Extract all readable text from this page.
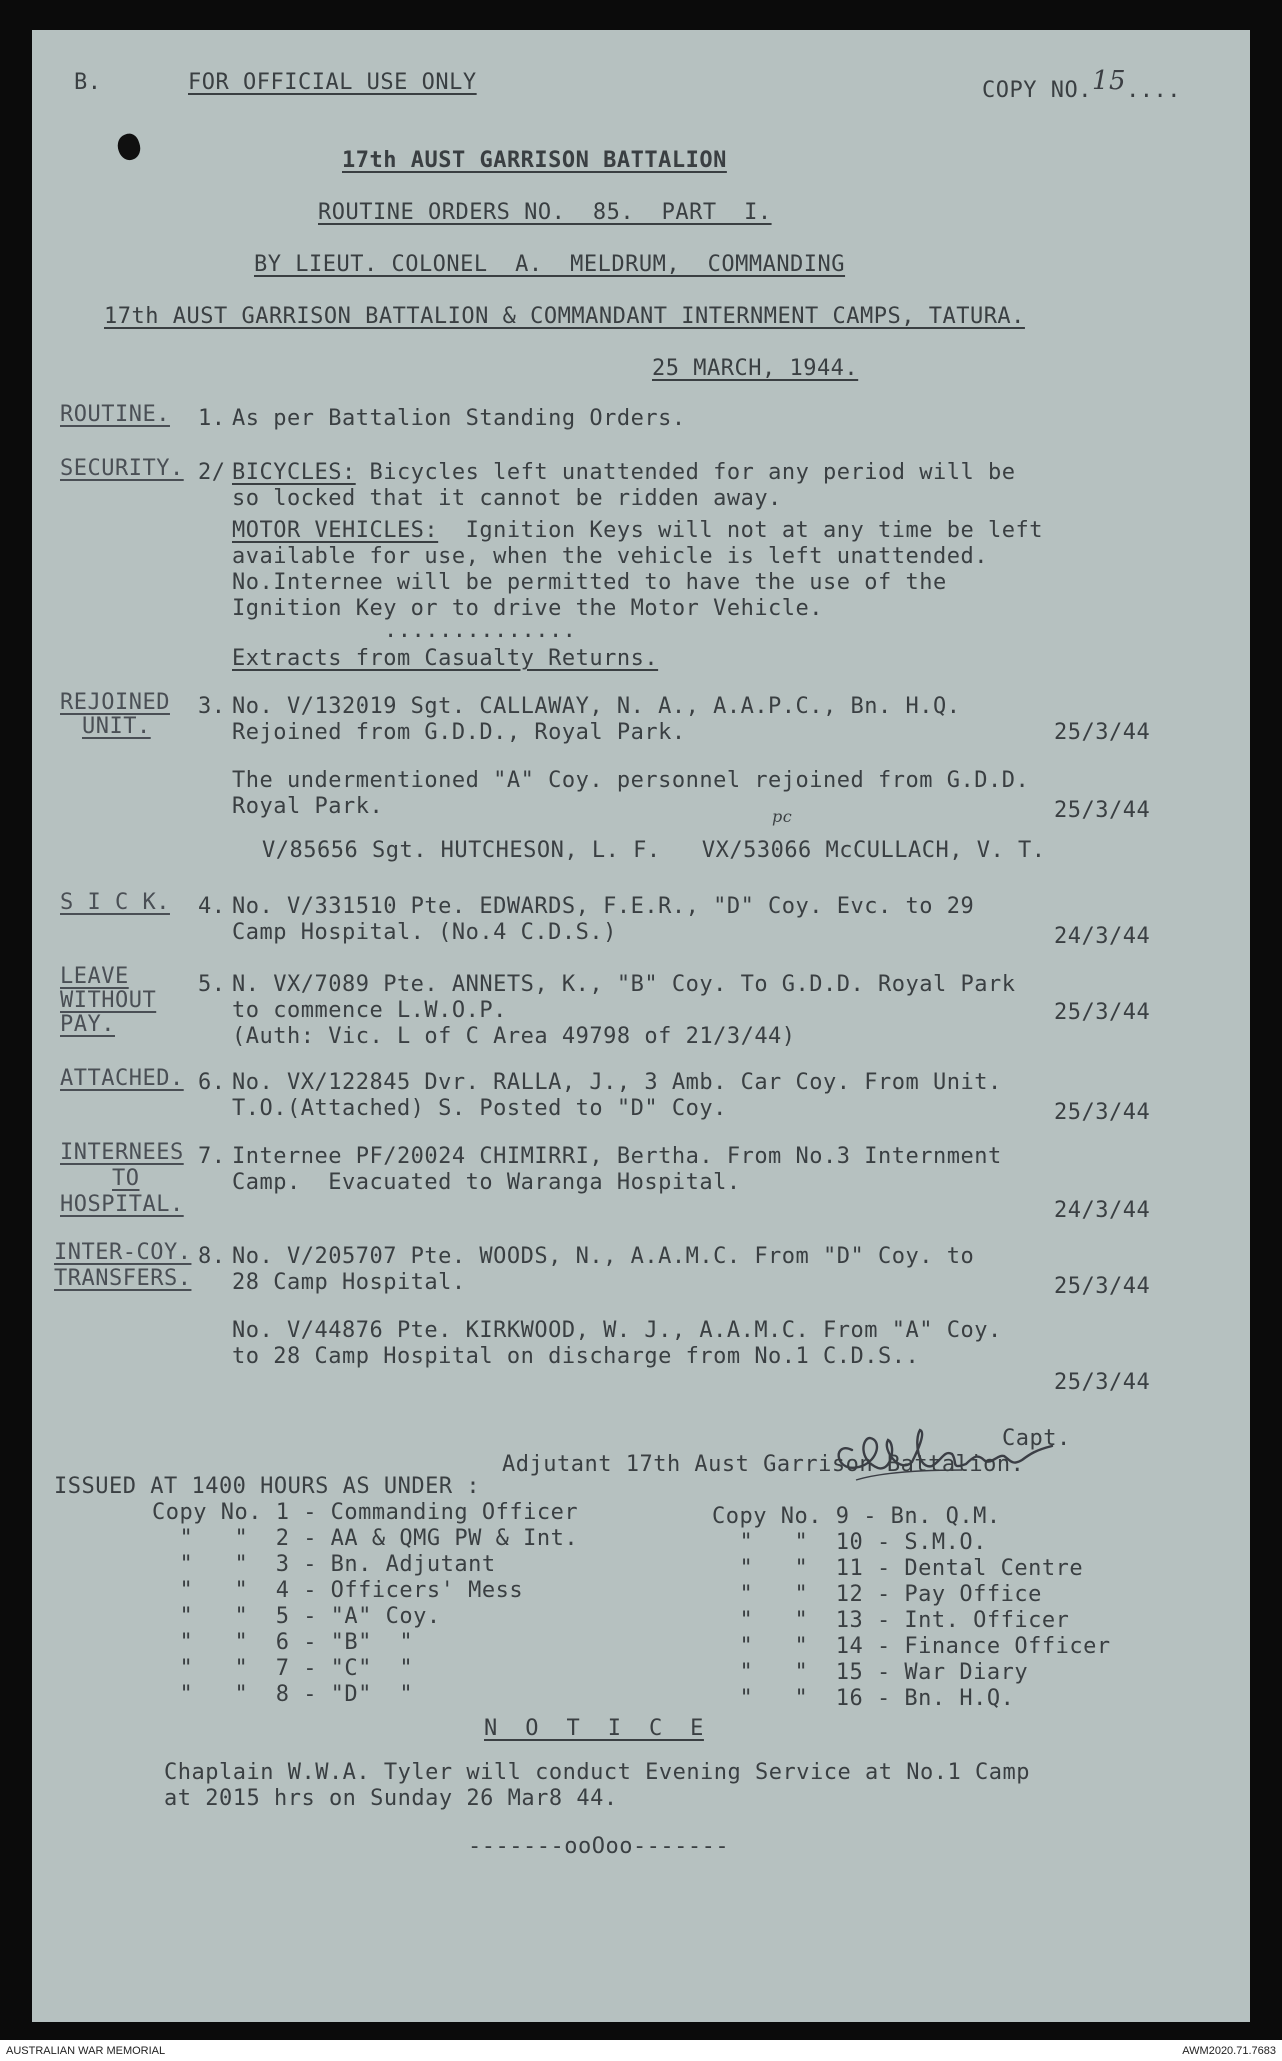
B.	FOR OFFICIAL USE ONLY	COPY NO.15....
17th AUST GARRISON BATTALION
ROUTINE ORDERS NO.  85.  PART  I.
BY LIEUT. COLONEL  A.  MELDRUM,  COMMANDING
17th AUST GARRISON BATTALION & COMMANDANT INTERNMENT CAMPS, TATURA.
25 MARCH, 1944.
ROUTINE. 1. As per Battalion Standing Orders.
SECURITY. 2/ BICYCLES: Bicycles left unattended for any period will be
so locked that it cannot be ridden away.
MOTOR VEHICLES:  Ignition Keys will not at any time be left
available for use, when the vehicle is left unattended.
No.Internee will be permitted to have the use of the
Ignition Key or to drive the Motor Vehicle.
..............
Extracts from Casualty Returns.
REJOINED
UNIT.
3. No. V/132019 Sgt. CALLAWAY, N. A., A.A.P.C., Bn. H.Q.
Rejoined from G.D.D., Royal Park.	25/3/44
The undermentioned "A" Coy. personnel rejoined from G.D.D.
Royal Park.	25/3/44
pc
V/85656 Sgt. HUTCHESON, L. F.   VX/53066 McCULLACH, V. T.
S I C K. 4. No. V/331510 Pte. EDWARDS, F.E.R., "D" Coy. Evc. to 29
Camp Hospital. (No.4 C.D.S.)	24/3/44
LEAVE
WITHOUT
PAY.
5. N. VX/7089 Pte. ANNETS, K., "B" Coy. To G.D.D. Royal Park
to commence L.W.O.P.	25/3/44
(Auth: Vic. L of C Area 49798 of 21/3/44)
ATTACHED. 6. No. VX/122845 Dvr. RALLA, J., 3 Amb. Car Coy. From Unit.
T.O.(Attached) S. Posted to "D" Coy.	25/3/44
INTERNEES
TO
HOSPITAL.
7. Internee PF/20024 CHIMIRRI, Bertha. From No.3 Internment
Camp.  Evacuated to Waranga Hospital.
24/3/44
INTER-COY.
TRANSFERS.
8. No. V/205707 Pte. WOODS, N., A.A.M.C. From "D" Coy. to
28 Camp Hospital.	25/3/44
No. V/44876 Pte. KIRKWOOD, W. J., A.A.M.C. From "A" Coy.
to 28 Camp Hospital on discharge from No.1 C.D.S..
25/3/44
Capt.
Adjutant 17th Aust Garrison Battalion.
ISSUED AT 1400 HOURS AS UNDER :
Copy No. 1 - Commanding Officer
"   "  2 - AA & QMG PW & Int.
"   "  3 - Bn. Adjutant
"   "  4 - Officers' Mess
"   "  5 - "A" Coy.
"   "  6 - "B"  "
"   "  7 - "C"  "
"   "  8 - "D"  "
Copy No. 9 - Bn. Q.M.
"   "  10 - S.M.O.
"   "  11 - Dental Centre
"   "  12 - Pay Office
"   "  13 - Int. Officer
"   "  14 - Finance Officer
"   "  15 - War Diary
"   "  16 - Bn. H.Q.
N  O  T  I  C  E
Chaplain W.W.A. Tyler will conduct Evening Service at No.1 Camp
at 2015 hrs on Sunday 26 Mar8 44.
-------ooOoo-------
AUSTRALIAN WAR MEMORIAL	AWM2020.71.7683
